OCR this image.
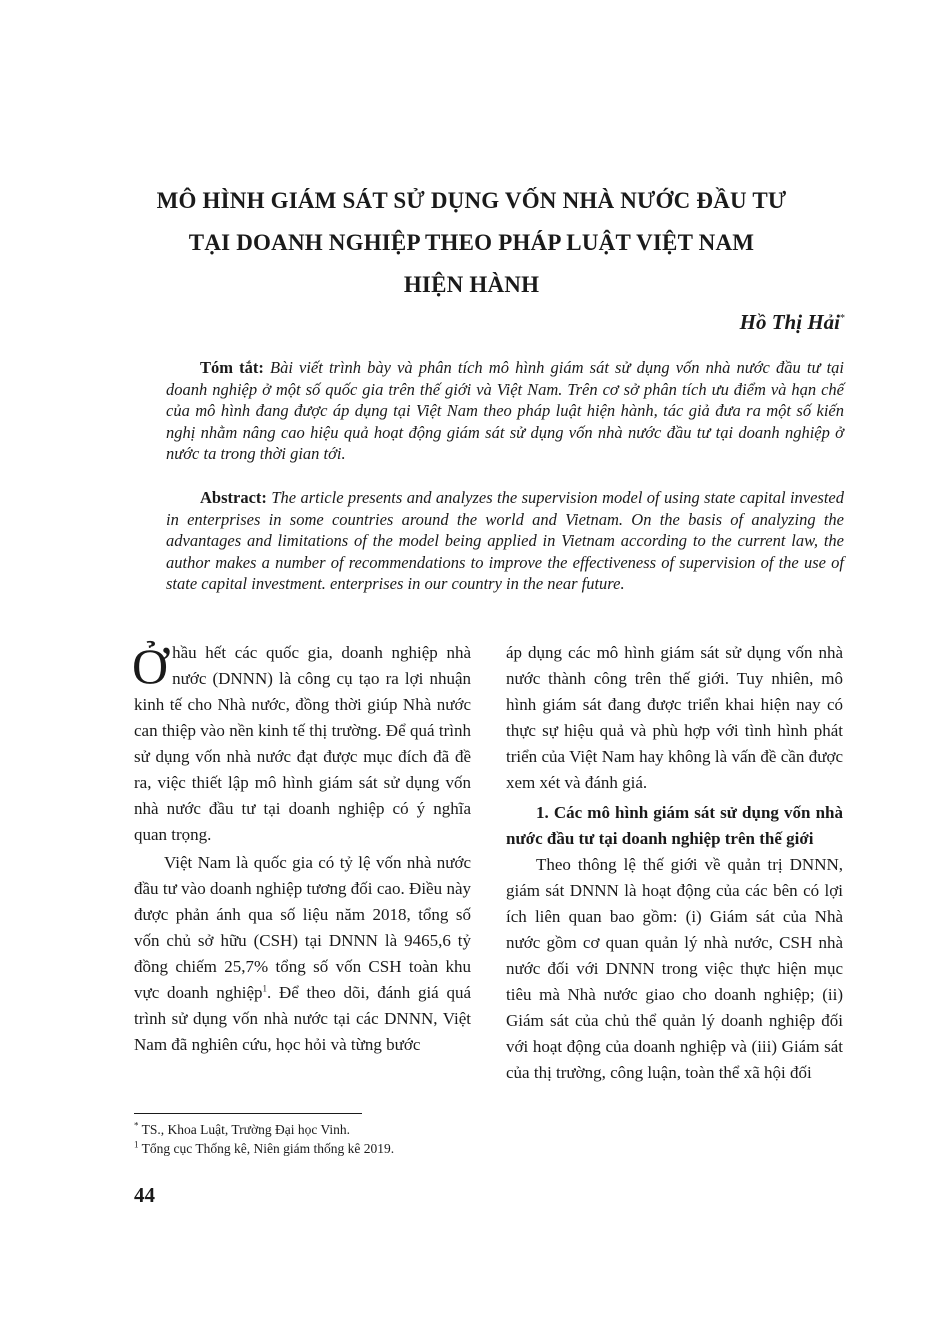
MÔ HÌNH GIÁM SÁT SỬ DỤNG VỐN NHÀ NƯỚC ĐẦU TƯ
TẠI DOANH NGHIỆP THEO PHÁP LUẬT VIỆT NAM
HIỆN HÀNH
Hồ Thị Hải*
Tóm tắt: Bài viết trình bày và phân tích mô hình giám sát sử dụng vốn nhà nước đầu tư tại doanh nghiệp ở một số quốc gia trên thế giới và Việt Nam. Trên cơ sở phân tích ưu điểm và hạn chế của mô hình đang được áp dụng tại Việt Nam theo pháp luật hiện hành, tác giả đưa ra một số kiến nghị nhằm nâng cao hiệu quả hoạt động giám sát sử dụng vốn nhà nước đầu tư tại doanh nghiệp ở nước ta trong thời gian tới.
Abstract: The article presents and analyzes the supervision model of using state capital invested in enterprises in some countries around the world and Vietnam. On the basis of analyzing the advantages and limitations of the model being applied in Vietnam according to the current law, the author makes a number of recommendations to improve the effectiveness of supervision of the use of state capital investment. enterprises in our country in the near future.

Ởhầu hết các quốc gia, doanh nghiệp nhà nước (DNNN) là công cụ tạo ra lợi nhuận kinh tế cho Nhà nước, đồng thời giúp Nhà nước can thiệp vào nền kinh tế thị trường. Để quá trình sử dụng vốn nhà nước đạt được mục đích đã đề ra, việc thiết lập mô hình giám sát sử dụng vốn nhà nước đầu tư tại doanh nghiệp có ý nghĩa quan trọng.

Việt Nam là quốc gia có tỷ lệ vốn nhà nước đầu tư vào doanh nghiệp tương đối cao. Điều này được phản ánh qua số liệu năm 2018, tổng số vốn chủ sở hữu (CSH) tại DNNN là 9465,6 tỷ đồng chiếm 25,7% tổng số vốn CSH toàn khu vực doanh nghiệp$^1$. Để theo dõi, đánh giá quá trình sử dụng vốn nhà nước tại các DNNN, Việt Nam đã nghiên cứu, học hỏi và từng bước

áp dụng các mô hình giám sát sử dụng vốn nhà nước thành công trên thế giới. Tuy nhiên, mô hình giám sát đang được triển khai hiện nay có thực sự hiệu quả và phù hợp với tình hình phát triển của Việt Nam hay không là vấn đề cần được xem xét và đánh giá.

1. Các mô hình giám sát sử dụng vốn nhà nước đầu tư tại doanh nghiệp trên thế giới

Theo thông lệ thế giới về quản trị DNNN, giám sát DNNN là hoạt động của các bên có lợi ích liên quan bao gồm: (i) Giám sát của Nhà nước gồm cơ quan quản lý nhà nước, CSH nhà nước đối với DNNN trong việc thực hiện mục tiêu mà Nhà nước giao cho doanh nghiệp; (ii) Giám sát của chủ thể quản lý doanh nghiệp đối với hoạt động của doanh nghiệp và (iii) Giám sát của thị trường, công luận, toàn thể xã hội đối

* TS., Khoa Luật, Trường Đại học Vinh.
$^1$ Tổng cục Thống kê, Niên giám thống kê 2019.
44
